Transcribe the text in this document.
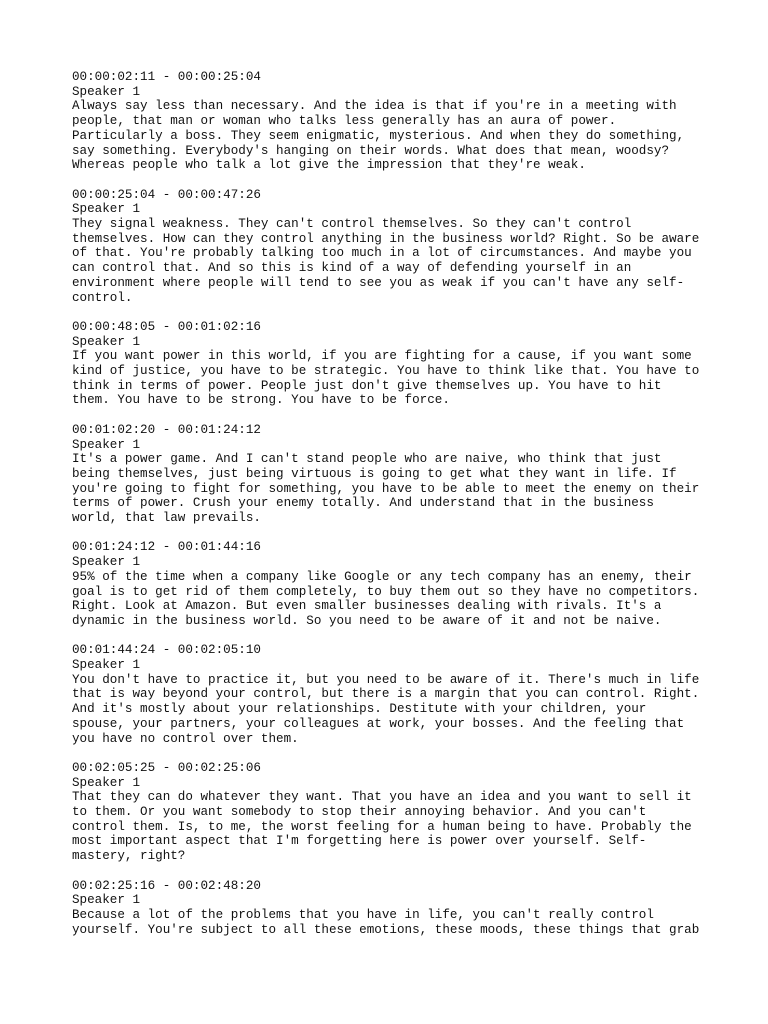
00:00:02:11 - 00:00:25:04
Speaker 1
Always say less than necessary. And the idea is that if you're in a meeting with
people, that man or woman who talks less generally has an aura of power.
Particularly a boss. They seem enigmatic, mysterious. And when they do something,
say something. Everybody's hanging on their words. What does that mean, woodsy?
Whereas people who talk a lot give the impression that they're weak.
00:00:25:04 - 00:00:47:26
Speaker 1
They signal weakness. They can't control themselves. So they can't control
themselves. How can they control anything in the business world? Right. So be aware
of that. You're probably talking too much in a lot of circumstances. And maybe you
can control that. And so this is kind of a way of defending yourself in an
environment where people will tend to see you as weak if you can't have any self-
control.
00:00:48:05 - 00:01:02:16
Speaker 1
If you want power in this world, if you are fighting for a cause, if you want some
kind of justice, you have to be strategic. You have to think like that. You have to
think in terms of power. People just don't give themselves up. You have to hit
them. You have to be strong. You have to be force.
00:01:02:20 - 00:01:24:12
Speaker 1
It's a power game. And I can't stand people who are naive, who think that just
being themselves, just being virtuous is going to get what they want in life. If
you're going to fight for something, you have to be able to meet the enemy on their
terms of power. Crush your enemy totally. And understand that in the business
world, that law prevails.
00:01:24:12 - 00:01:44:16
Speaker 1
95% of the time when a company like Google or any tech company has an enemy, their
goal is to get rid of them completely, to buy them out so they have no competitors.
Right. Look at Amazon. But even smaller businesses dealing with rivals. It's a
dynamic in the business world. So you need to be aware of it and not be naive.
00:01:44:24 - 00:02:05:10
Speaker 1
You don't have to practice it, but you need to be aware of it. There's much in life
that is way beyond your control, but there is a margin that you can control. Right.
And it's mostly about your relationships. Destitute with your children, your
spouse, your partners, your colleagues at work, your bosses. And the feeling that
you have no control over them.
00:02:05:25 - 00:02:25:06
Speaker 1
That they can do whatever they want. That you have an idea and you want to sell it
to them. Or you want somebody to stop their annoying behavior. And you can't
control them. Is, to me, the worst feeling for a human being to have. Probably the
most important aspect that I'm forgetting here is power over yourself. Self-
mastery, right?
00:02:25:16 - 00:02:48:20
Speaker 1
Because a lot of the problems that you have in life, you can't really control
yourself. You're subject to all these emotions, these moods, these things that grab
